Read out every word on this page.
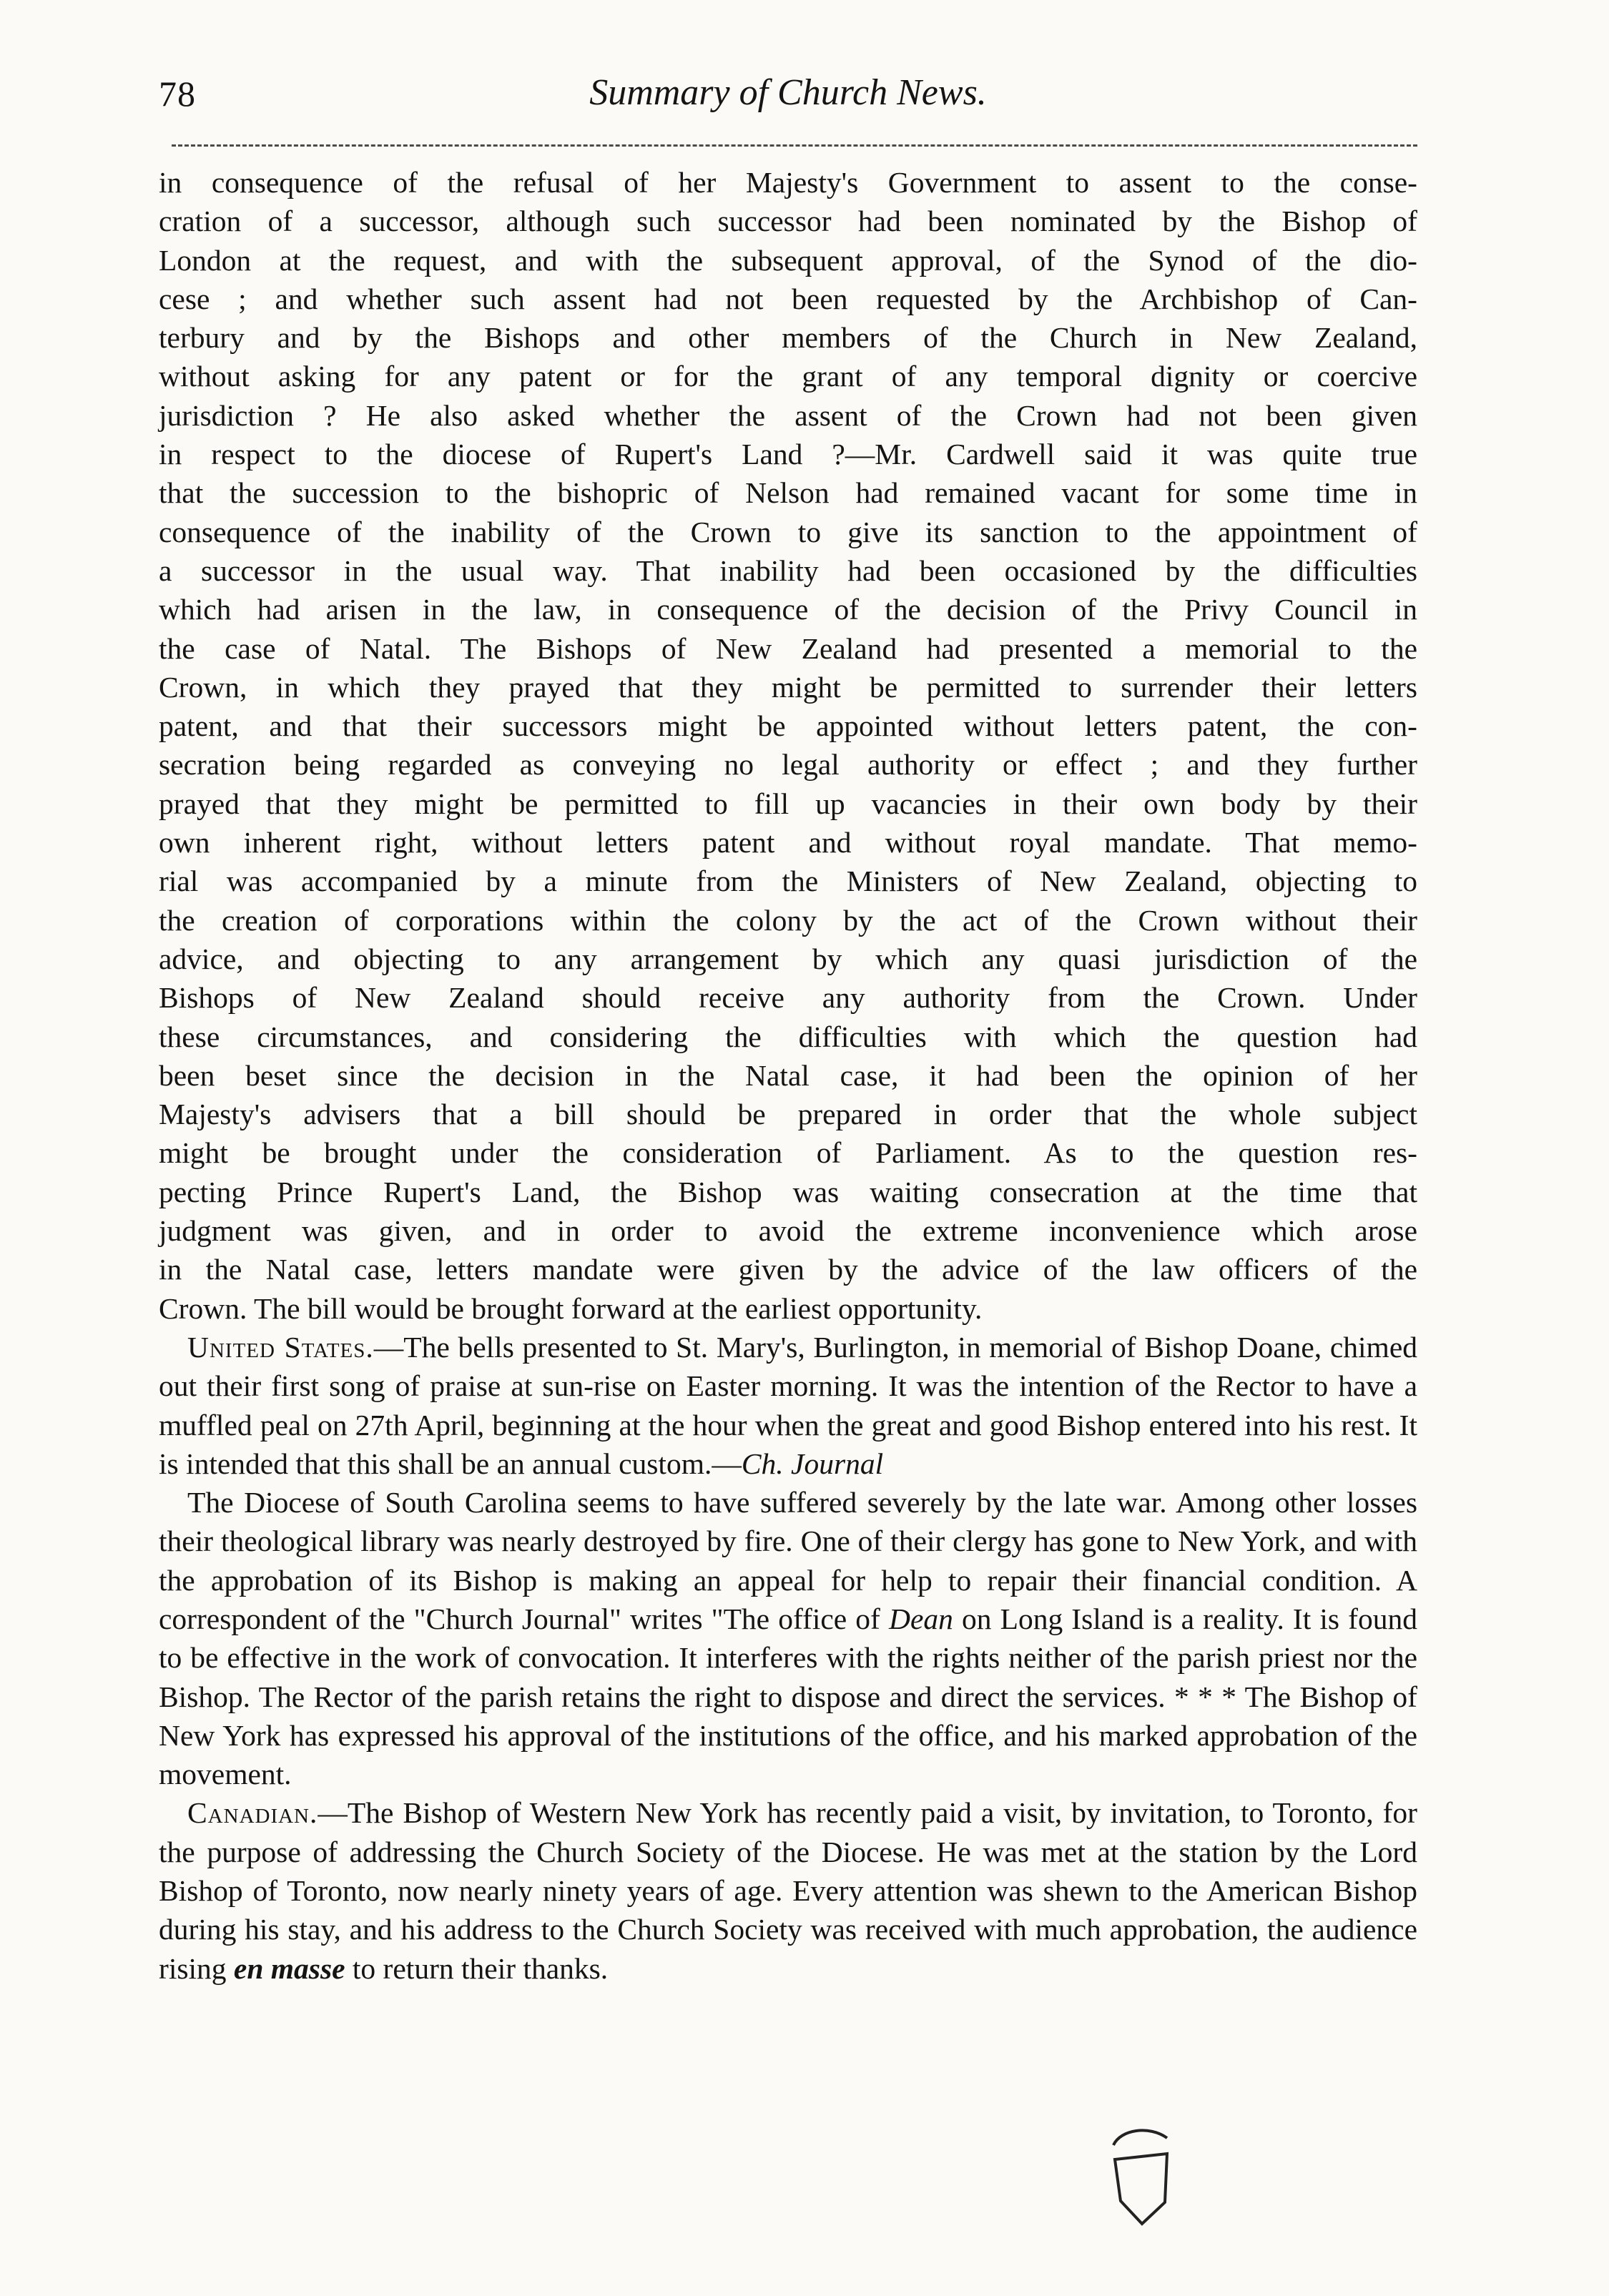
78	Summary of Church News.
in consequence of the refusal of her Majesty's Government to assent to the conse-
cration of a successor, although such successor had been nominated by the Bishop of
London at the request, and with the subsequent approval, of the Synod of the dio-
cese ; and whether such assent had not been requested by the Archbishop of Can-
terbury and by the Bishops and other members of the Church in New Zealand,
without asking for any patent or for the grant of any temporal dignity or coercive
jurisdiction ? He also asked whether the assent of the Crown had not been given
in respect to the diocese of Rupert's Land ?—Mr. Cardwell said it was quite true
that the succession to the bishopric of Nelson had remained vacant for some time in
consequence of the inability of the Crown to give its sanction to the appointment of
a successor in the usual way. That inability had been occasioned by the difficulties
which had arisen in the law, in consequence of the decision of the Privy Council in
the case of Natal. The Bishops of New Zealand had presented a memorial to the
Crown, in which they prayed that they might be permitted to surrender their letters
patent, and that their successors might be appointed without letters patent, the con-
secration being regarded as conveying no legal authority or effect ; and they further
prayed that they might be permitted to fill up vacancies in their own body by their
own inherent right, without letters patent and without royal mandate. That memo-
rial was accompanied by a minute from the Ministers of New Zealand, objecting to
the creation of corporations within the colony by the act of the Crown without their
advice, and objecting to any arrangement by which any quasi jurisdiction of the
Bishops of New Zealand should receive any authority from the Crown. Under
these circumstances, and considering the difficulties with which the question had
been beset since the decision in the Natal case, it had been the opinion of her
Majesty's advisers that a bill should be prepared in order that the whole subject
might be brought under the consideration of Parliament. As to the question res-
pecting Prince Rupert's Land, the Bishop was waiting consecration at the time that
judgment was given, and in order to avoid the extreme inconvenience which arose
in the Natal case, letters mandate were given by the advice of the law officers of the
Crown. The bill would be brought forward at the earliest opportunity.

United States.—The bells presented to St. Mary's, Burlington, in memorial of Bishop Doane, chimed out their first song of praise at sun-rise on Easter morning. It was the intention of the Rector to have a muffled peal on 27th April, beginning at the hour when the great and good Bishop entered into his rest. It is intended that this shall be an annual custom.—Ch. Journal

The Diocese of South Carolina seems to have suffered severely by the late war. Among other losses their theological library was nearly destroyed by fire. One of their clergy has gone to New York, and with the approbation of its Bishop is making an appeal for help to repair their financial condition. A correspondent of the "Church Journal" writes "The office of Dean on Long Island is a reality. It is found to be effective in the work of convocation. It interferes with the rights neither of the parish priest nor the Bishop. The Rector of the parish retains the right to dispose and direct the services. * * * The Bishop of New York has expressed his approval of the institutions of the office, and his marked approbation of the movement.

Canadian.—The Bishop of Western New York has recently paid a visit, by invitation, to Toronto, for the purpose of addressing the Church Society of the Diocese. He was met at the station by the Lord Bishop of Toronto, now nearly ninety years of age. Every attention was shewn to the American Bishop during his stay, and his address to the Church Society was received with much approbation, the audience rising en masse to return their thanks.
